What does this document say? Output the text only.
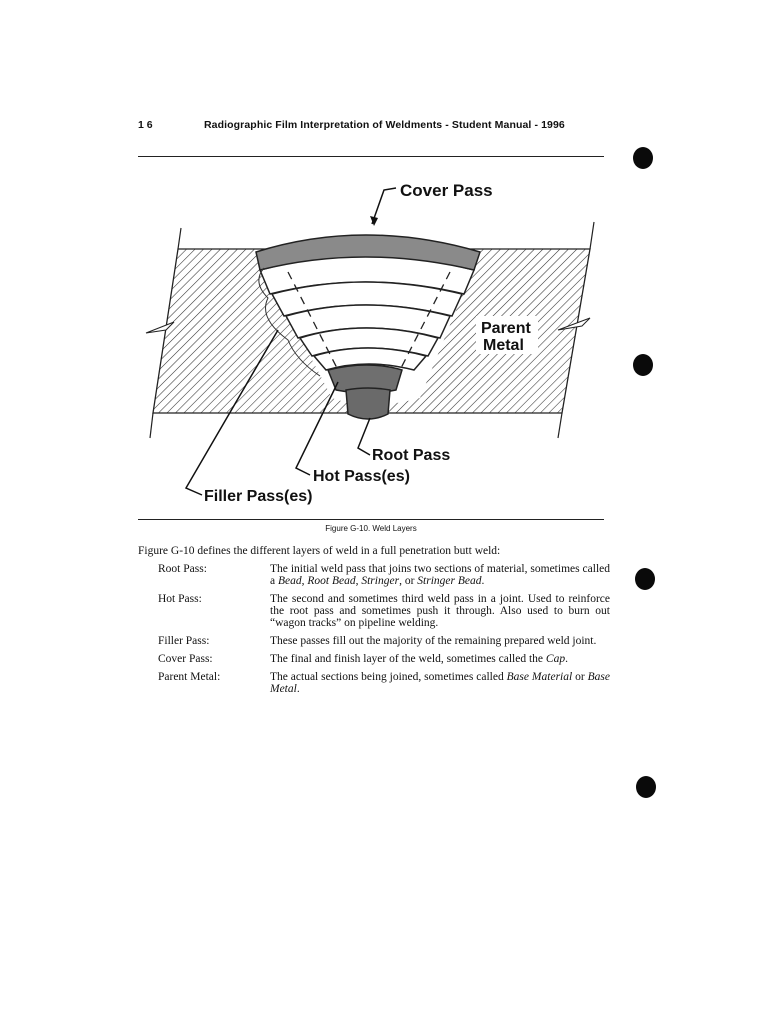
1 6	Radiographic Film Interpretation of Weldments - Student Manual - 1996
Cover Pass
Parent
Metal
Root Pass
Hot Pass(es)
Filler Pass(es)
Figure G-10. Weld Layers
Figure G-10 defines the different layers of weld in a full penetration butt weld:
Root Pass:	The initial weld pass that joins two sections of material, sometimes called a Bead, Root Bead, Stringer, or Stringer Bead.
Hot Pass:	The second and sometimes third weld pass in a joint. Used to reinforce the root pass and sometimes push it through. Also used to burn out “wagon tracks” on pipeline welding.
Filler Pass:	These passes fill out the majority of the remaining prepared weld joint.
Cover Pass:	The final and finish layer of the weld, sometimes called the Cap.
Parent Metal:	The actual sections being joined, sometimes called Base Material or Base Metal.
